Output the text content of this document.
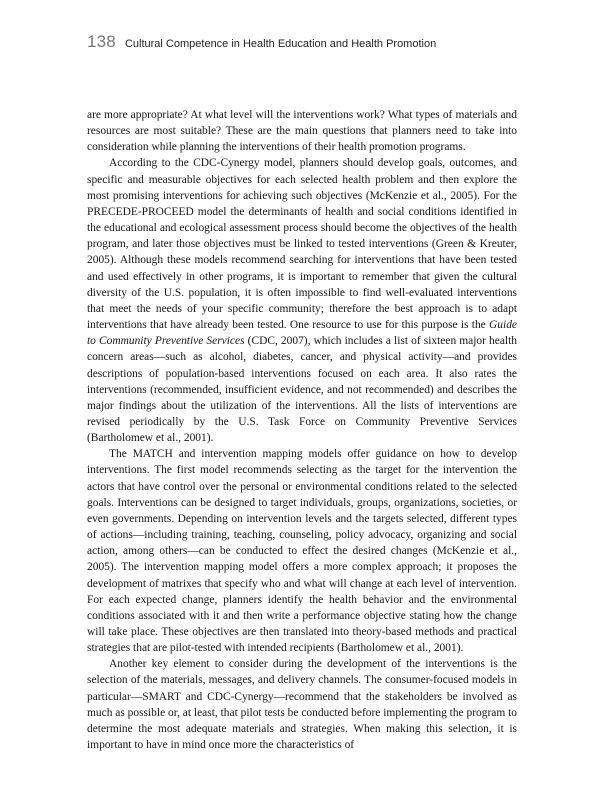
138 Cultural Competence in Health Education and Health Promotion

are more appropriate? At what level will the interventions work? What types of materials and resources are most suitable? These are the main questions that planners need to take into consideration while planning the interventions of their health promotion programs.

According to the CDC-Cynergy model, planners should develop goals, outcomes, and specific and measurable objectives for each selected health problem and then explore the most promising interventions for achieving such objectives (McKenzie et al., 2005). For the PRECEDE-PROCEED model the determinants of health and social conditions identified in the educational and ecological assessment process should become the objectives of the health program, and later those objectives must be linked to tested interventions (Green & Kreuter, 2005). Although these models recommend searching for interventions that have been tested and used effectively in other programs, it is important to remember that given the cultural diversity of the U.S. population, it is often impossible to find well-evaluated interventions that meet the needs of your specific community; therefore the best approach is to adapt interventions that have already been tested. One resource to use for this purpose is the Guide to Community Preventive Services (CDC, 2007), which includes a list of sixteen major health concern areas—such as alcohol, diabetes, cancer, and physical activity—and provides descriptions of population-based interventions focused on each area. It also rates the interventions (recommended, insufficient evidence, and not recommended) and describes the major findings about the utilization of the interventions. All the lists of interventions are revised periodically by the U.S. Task Force on Community Preventive Services (Bartholomew et al., 2001).

The MATCH and intervention mapping models offer guidance on how to develop interventions. The first model recommends selecting as the target for the intervention the actors that have control over the personal or environmental conditions related to the selected goals. Interventions can be designed to target individuals, groups, organizations, societies, or even governments. Depending on intervention levels and the targets selected, different types of actions—including training, teaching, counseling, policy advocacy, organizing and social action, among others—can be conducted to effect the desired changes (McKenzie et al., 2005). The intervention mapping model offers a more complex approach; it proposes the development of matrixes that specify who and what will change at each level of intervention. For each expected change, planners identify the health behavior and the environmental conditions associated with it and then write a performance objective stating how the change will take place. These objectives are then translated into theory-based methods and practical strategies that are pilot-tested with intended recipients (Bartholomew et al., 2001).

Another key element to consider during the development of the interventions is the selection of the materials, messages, and delivery channels. The consumer-focused models in particular—SMART and CDC-Cynergy—recommend that the stakeholders be involved as much as possible or, at least, that pilot tests be conducted before implementing the program to determine the most adequate materials and strategies. When making this selection, it is important to have in mind once more the characteristics of
